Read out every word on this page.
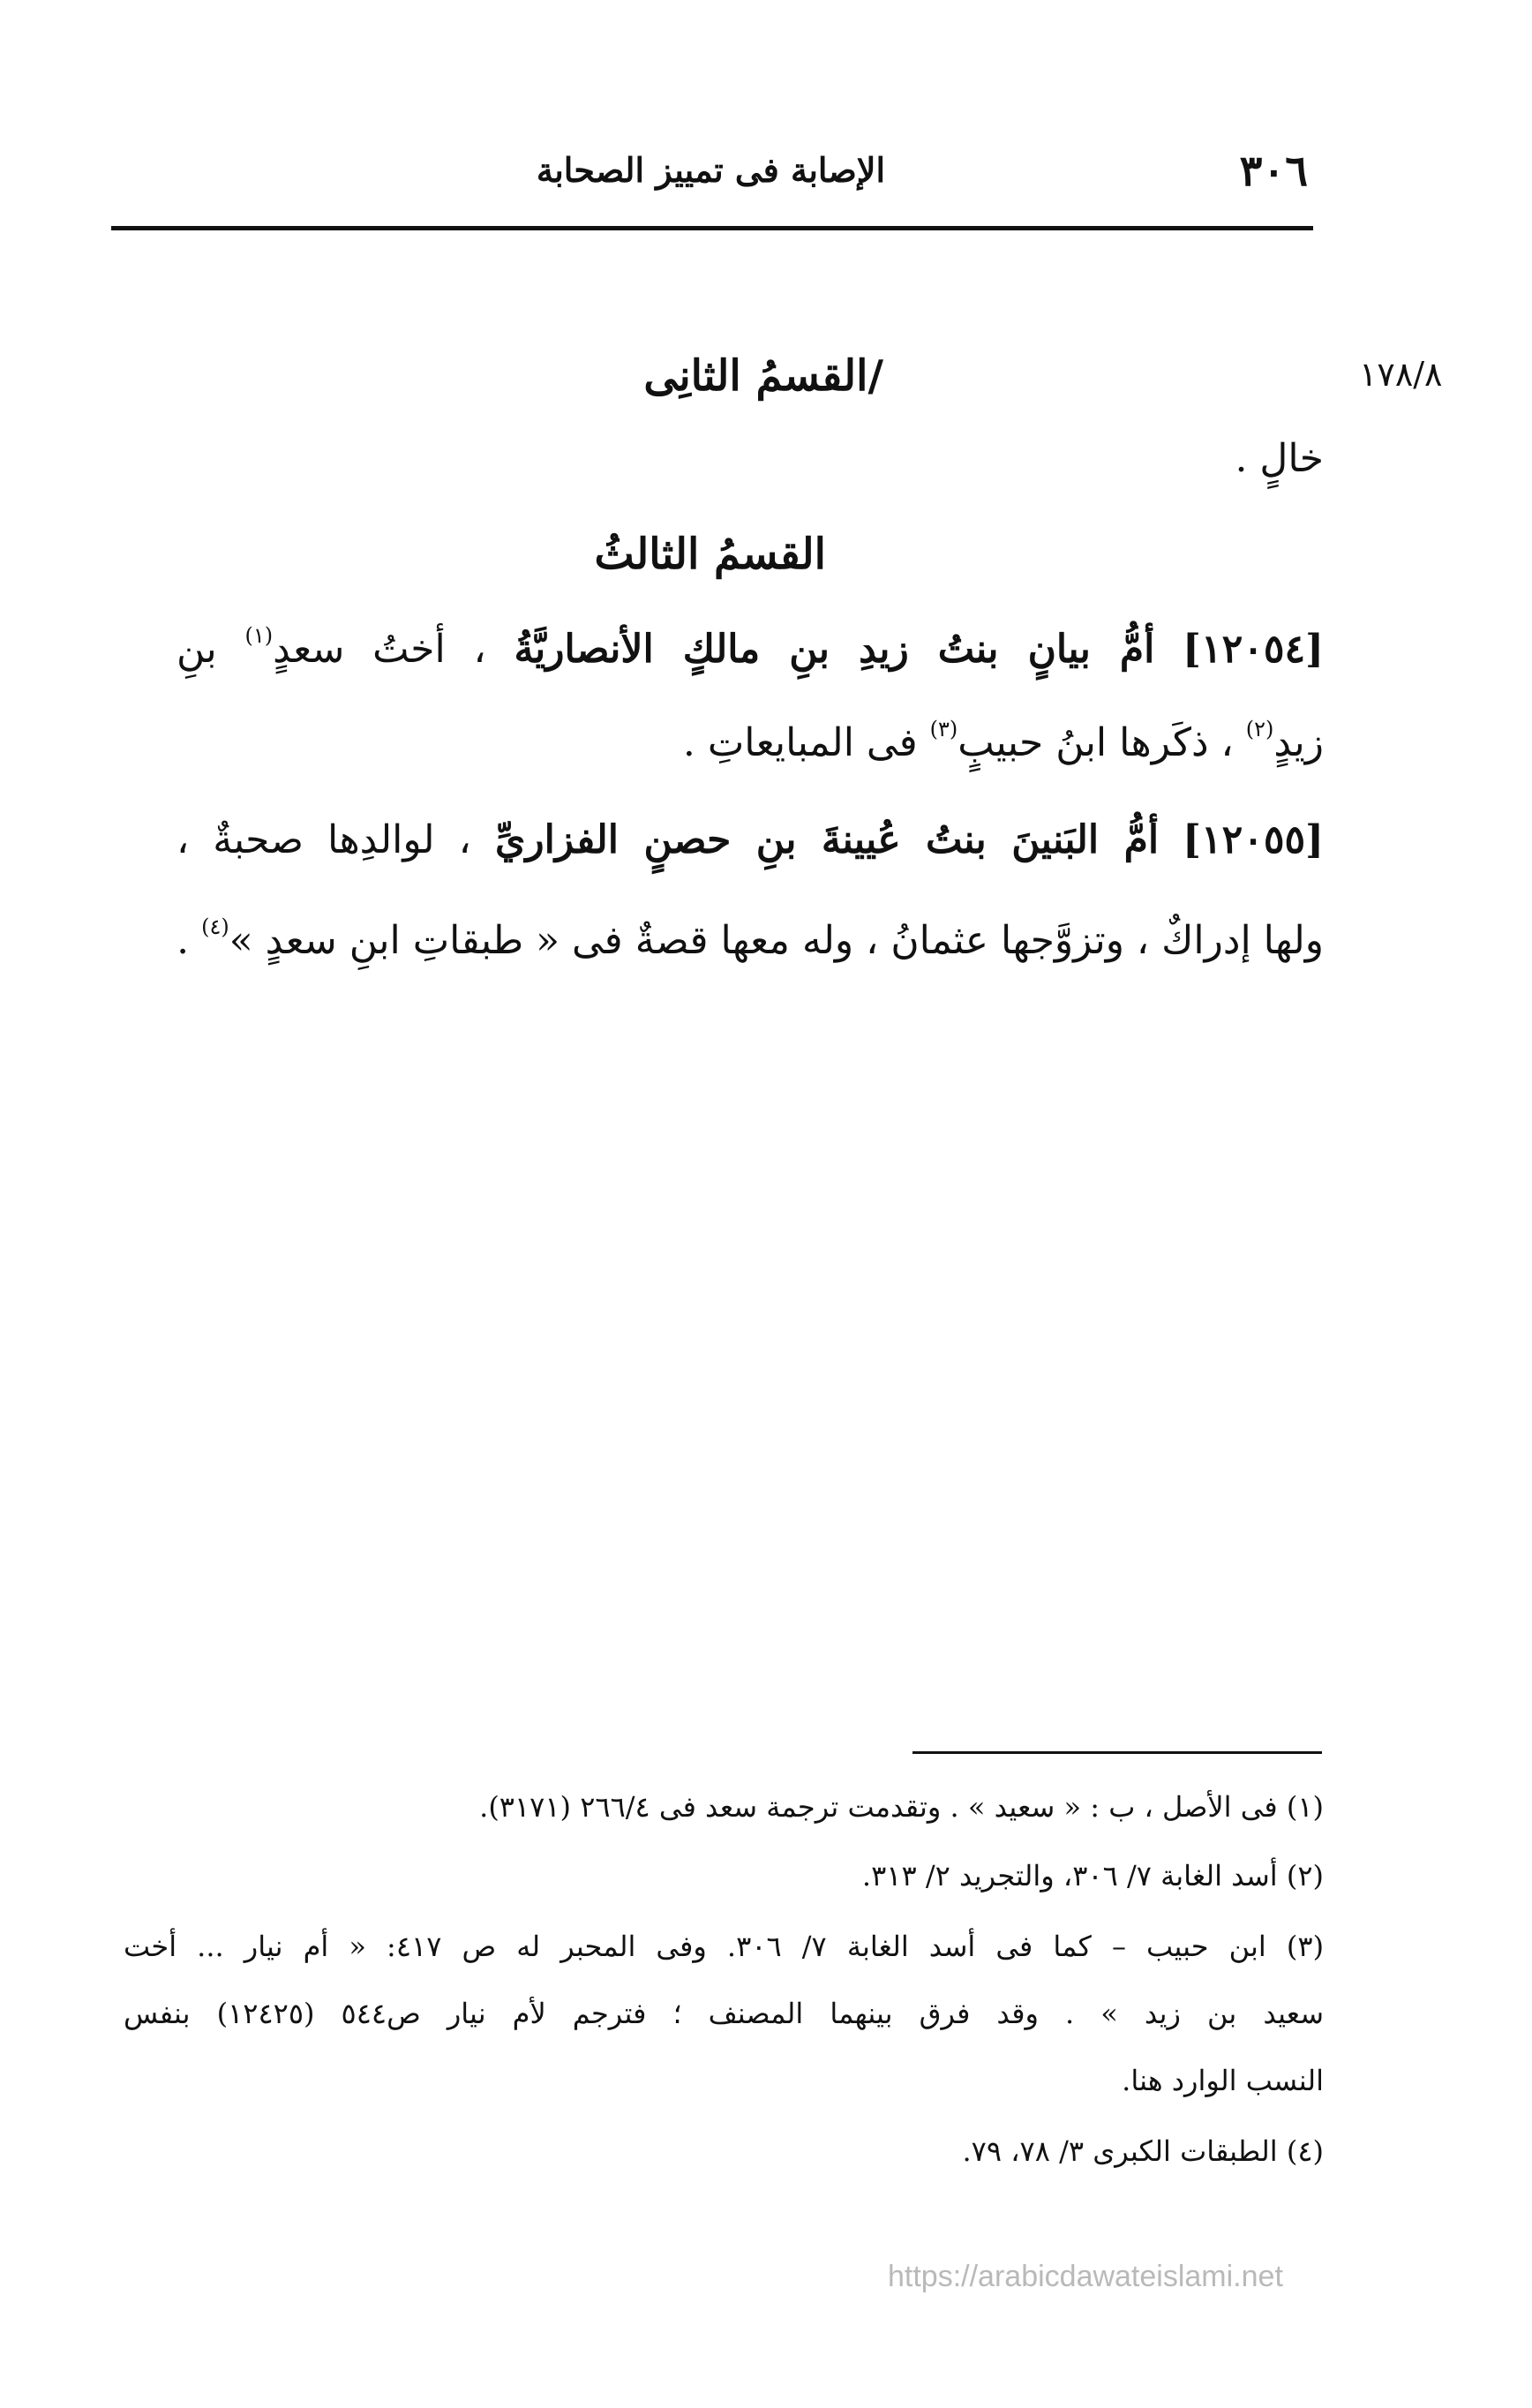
٣٠٦
الإصابة فى تمييز الصحابة
١٧٨/٨
/القسمُ الثانِى
خالٍ .
القسمُ الثالثُ
[١٢٠٥٤] أمُّ بيانٍ بنتُ زيدِ بنِ مالكٍ الأنصاريَّةُ ، أختُ سعدٍ$^{(١)}$ بنِ
زيدٍ$^{(٢)}$ ، ذكَرها ابنُ حبيبٍ$^{(٣)}$ فى المبايعاتِ .
[١٢٠٥٥] أمُّ البَنينَ بنتُ عُيينةَ بنِ حصنٍ الفزاريِّ ، لوالدِها صحبةٌ ،
ولها إدراكٌ ، وتزوَّجها عثمانُ ، وله معها قصةٌ فى « طبقاتِ ابنِ سعدٍ »$^{(٤)}$ .
(١) فى الأصل ، ب : « سعيد » . وتقدمت ترجمة سعد فى ٢٦٦/٤ (٣١٧١).
(٢) أسد الغابة ٧/ ٣٠٦، والتجريد ٢/ ٣١٣.
(٣) ابن حبيب – كما فى أسد الغابة ٧/ ٣٠٦. وفى المحبر له ص ٤١٧: « أم نيار ... أخت
سعيد بن زيد » . وقد فرق بينهما المصنف ؛ فترجم لأم نيار ص٥٤٤ (١٢٤٢٥) بنفس
النسب الوارد هنا.
(٤) الطبقات الكبرى ٣/ ٧٨، ٧٩.
https://arabicdawateislami.net
